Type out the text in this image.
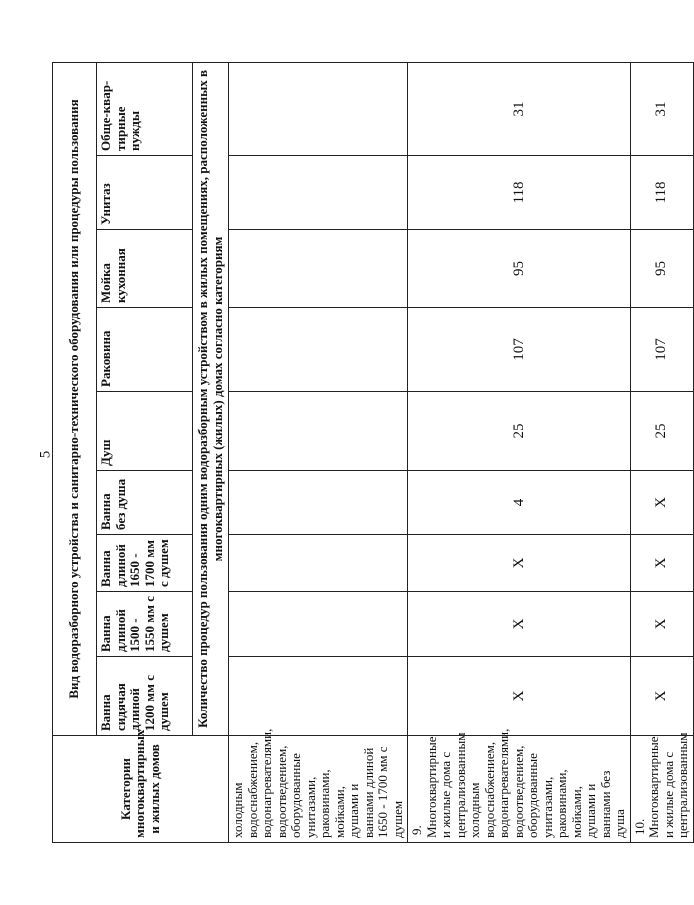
5
Категории многоквартирных и жилых домов	Вид водоразборного устройства и санитарно-технического оборудования или процедуры пользования								
	Ванна сидячая длиной 1200 мм с душем	Ванна длиной 1500 - 1550 мм с душем	Ванна длиной 1650 - 1700 мм с душем	Ванна без душа	Душ	Раковина	Мойка кухонная	Унитаз	Обще-квар-тирные нужды
	Количество процедур пользования одним водоразборным устройством в жилых помещениях, расположенных в многоквартирных (жилых) домах согласно категориям								
холодным водоснабжением, водонагревателями, водоотведением, оборудованные унитазами, раковинами, мойками, душами и ваннами длиной 1650 - 1700 мм с душем									

9. Многоквартирные и жилые дома с централизованным холодным водоснабжением, водонагревателями, водоотведением, оборудованные унитазами, раковинами, мойками, душами и ваннами без душа	X	X	X	4	25	107	95	118	31

10. Многоквартирные и жилые дома с централизованным	X	X	X	X	25	107	95	118	31
